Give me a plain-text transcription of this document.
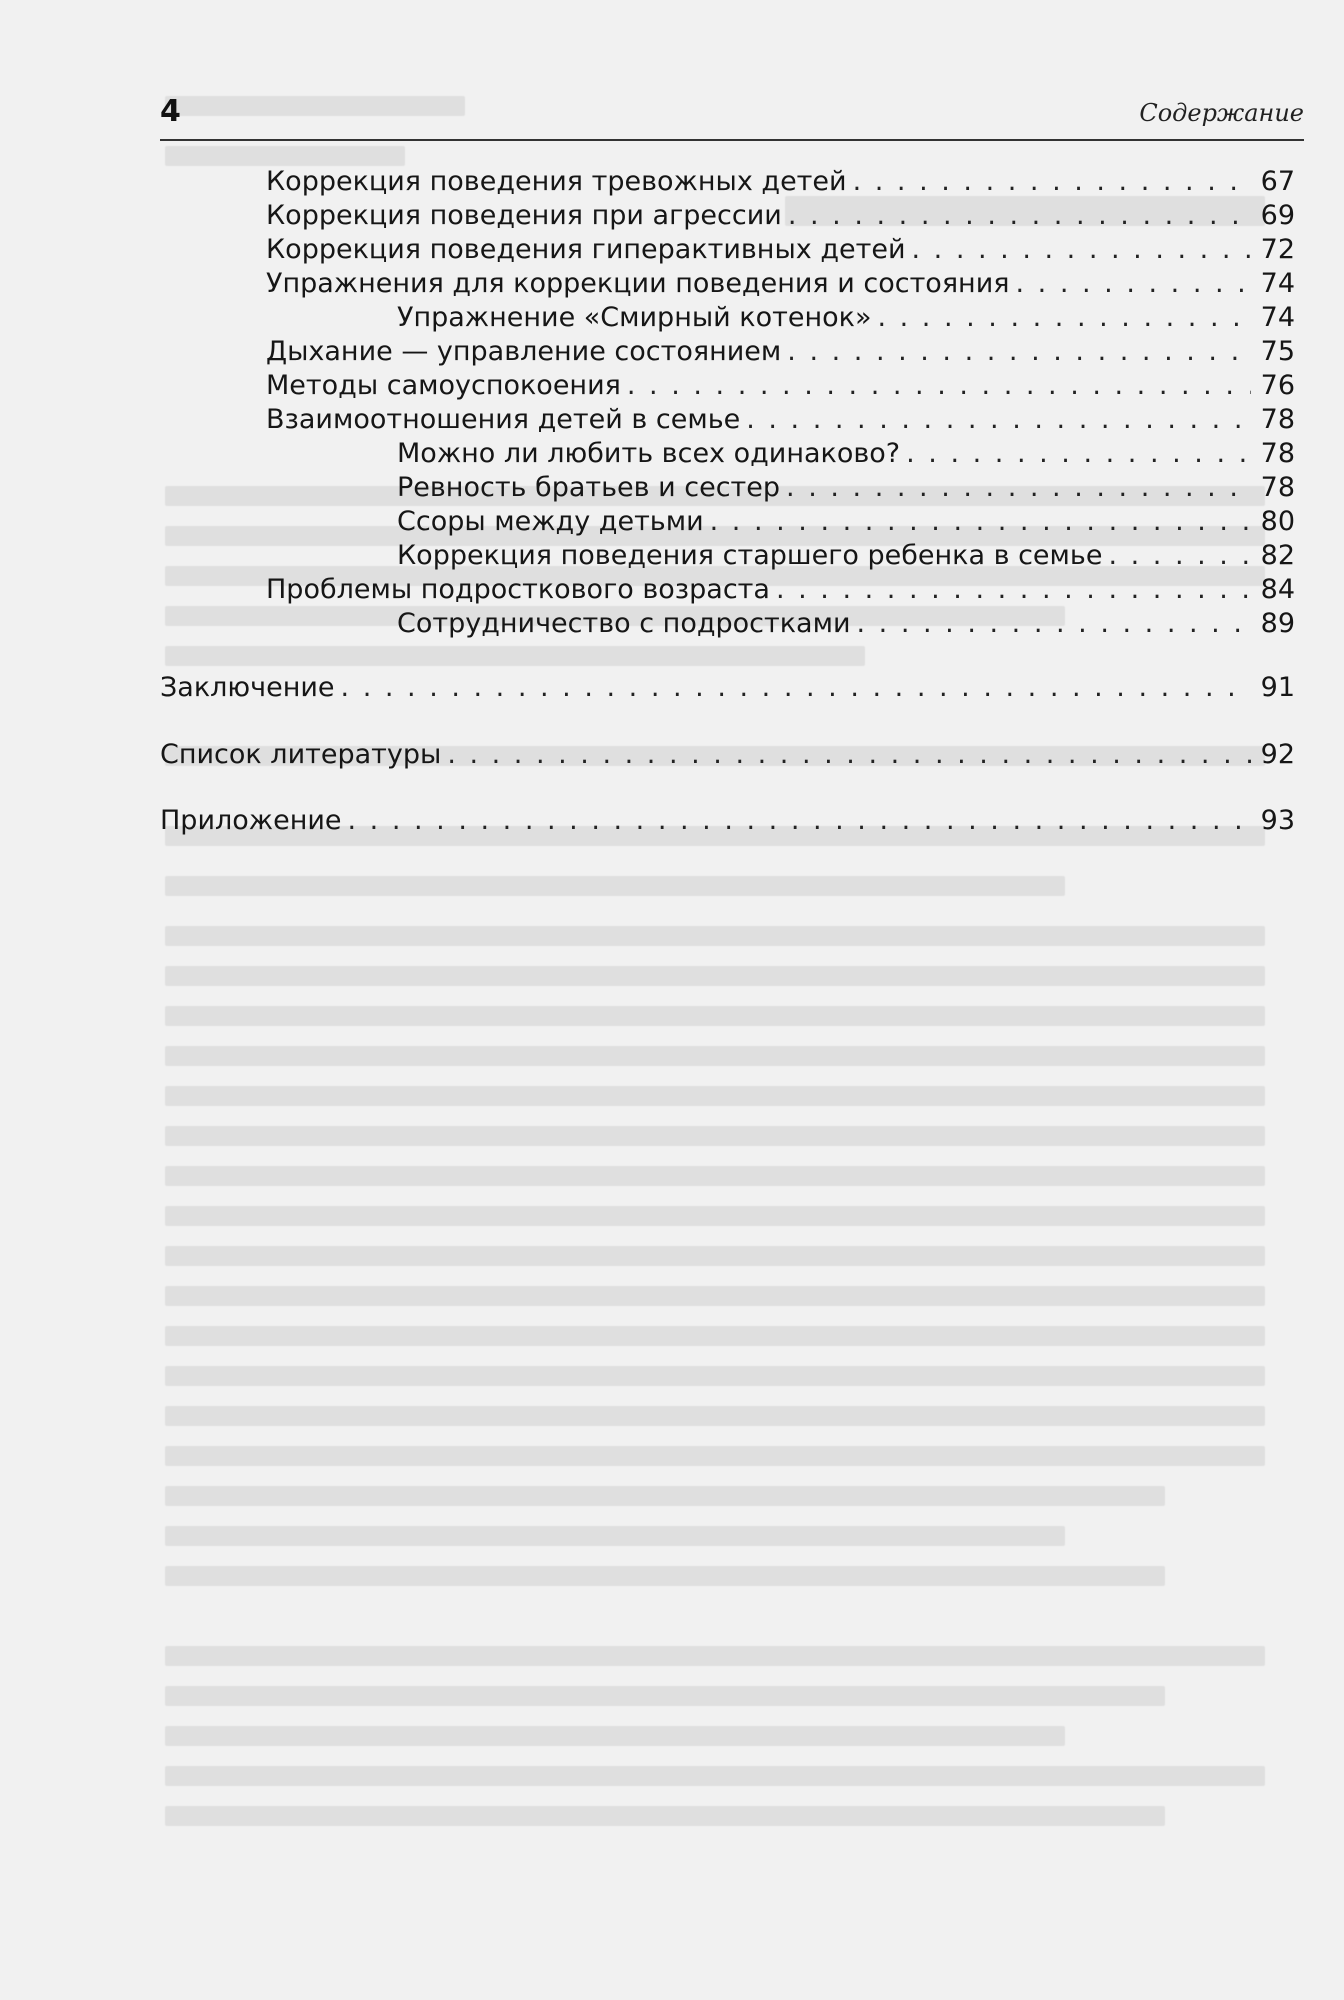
4	Содержание
Коррекция поведения тревожных детей . . .	67
Коррекция поведения при агрессии . . .	69
Коррекция поведения гиперактивных детей . . .	72
Упражнения для коррекции поведения и состояния . . .	74
Упражнение «Смирный котенок» . . .	74
Дыхание — управление состоянием . . .	75
Методы самоуспокоения . . .	76
Взаимоотношения детей в семье . . .	78
Можно ли любить всех одинаково? . . .	78
Ревность братьев и сестер . . .	78
Ссоры между детьми . . .	80
Коррекция поведения старшего ребенка в семье . . .	82
Проблемы подросткового возраста . . .	84
Сотрудничество с подростками . . .	89
Заключение . . .	91
Список литературы . . .	92
Приложение . . .	93
